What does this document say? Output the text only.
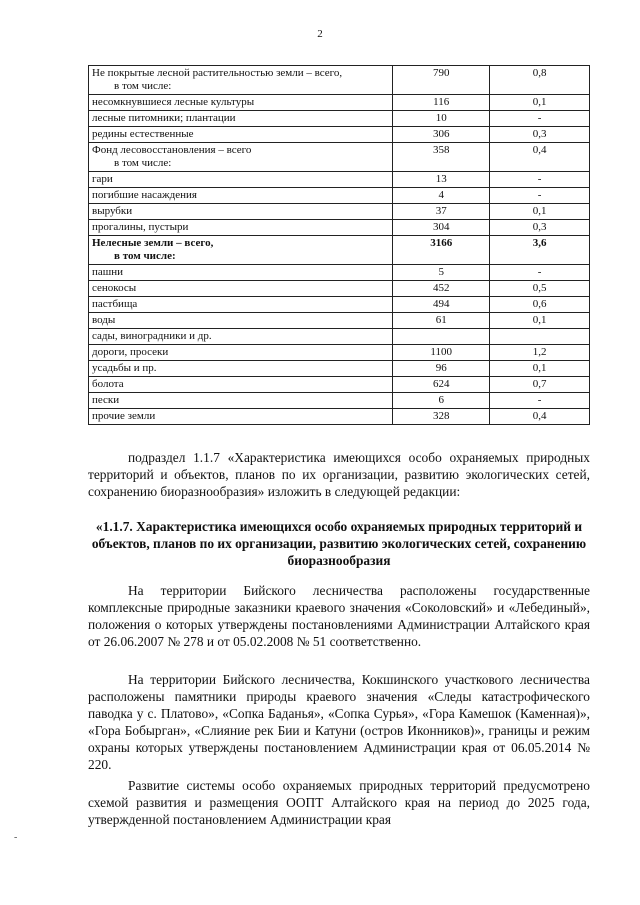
2
Не покрытые лесной растительностью земли – всего,
в том числе:	790	0,8
несомкнувшиеся лесные культуры	116	0,1
лесные питомники; плантации	10	-
редины естественные	306	0,3
Фонд лесовосстановления – всего
в том числе:	358	0,4
гари	13	-
погибшие насаждения	4	-
вырубки	37	0,1
прогалины, пустыри	304	0,3
Нелесные земли – всего,
в том числе:	3166	3,6
пашни	5	-
сенокосы	452	0,5
пастбища	494	0,6
воды	61	0,1
сады, виноградники и др.		
дороги, просеки	1100	1,2
усадьбы и пр.	96	0,1
болота	624	0,7
пески	6	-
прочие земли	328	0,4
подраздел 1.1.7 «Характеристика имеющихся особо охраняемых природных территорий и объектов, планов по их организации, развитию экологических сетей, сохранению биоразнообразия» изложить в следующей редакции:
«1.1.7. Характеристика имеющихся особо охраняемых природных территорий и объектов, планов по их организации, развитию экологических сетей, сохранению биоразнообразия
На территории Бийского лесничества расположены государственные комплексные природные заказники краевого значения «Соколовский» и «Лебединый», положения о которых утверждены постановлениями Администрации Алтайского края от 26.06.2007 № 278 и от 05.02.2008 № 51 соответственно.
На территории Бийского лесничества, Кокшинского участкового лесничества расположены памятники природы краевого значения «Следы катастрофического паводка у с. Платово», «Сопка Баданья», «Сопка Сурья», «Гора Камешок (Каменная)», «Гора Бобырган», «Слияние рек Бии и Катуни (остров Иконников)», границы и режим охраны которых утверждены постановлением Администрации края от 06.05.2014 № 220.
Развитие системы особо охраняемых природных территорий предусмотрено схемой развития и размещения ООПТ Алтайского края на период до 2025 года, утвержденной постановлением Администрации края
-
